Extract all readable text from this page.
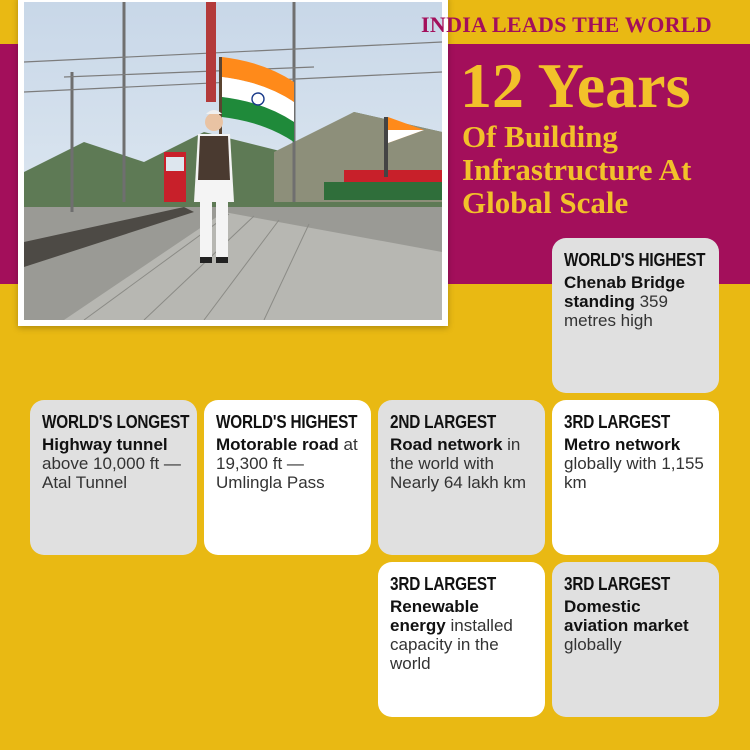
INDIA LEADS THE WORLD
12 Years
Of Building Infrastructure At Global Scale
WORLD'S HIGHEST
Chenab Bridge standing 359 metres high
WORLD'S LONGEST
Highway tunnel above 10,000 ft — Atal Tunnel
WORLD'S HIGHEST
Motorable road at 19,300 ft — Umlingla Pass
2ND LARGEST
Road network in the world with Nearly 64 lakh km
3RD LARGEST
Metro network globally with 1,155 km
3RD LARGEST
Renewable energy installed capacity in the world
3RD LARGEST
Domestic aviation market globally
